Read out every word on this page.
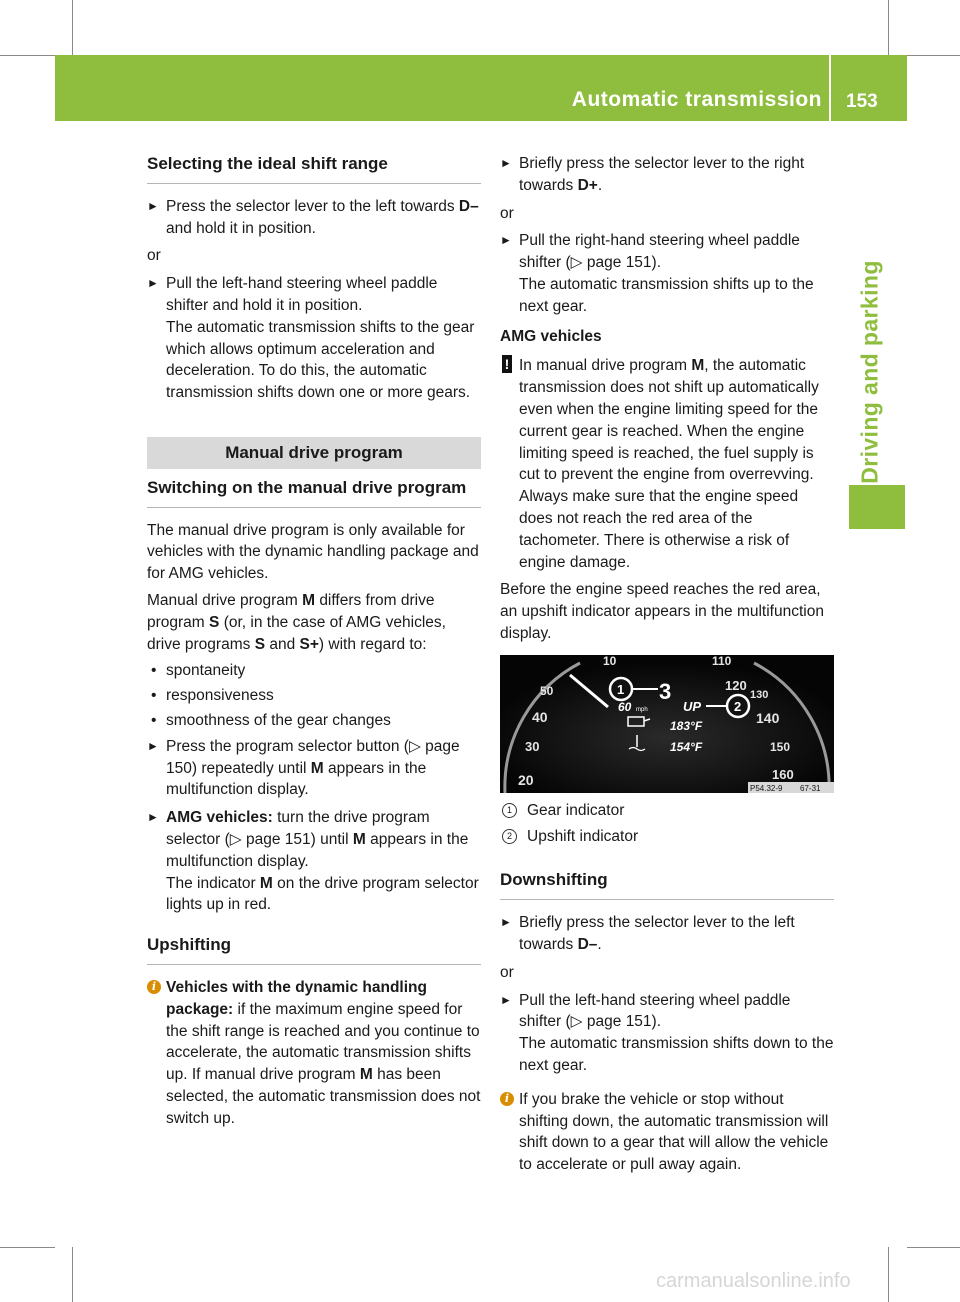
Automatic transmission 153
Driving and parking
Selecting the ideal shift range
► Press the selector lever to the left towards D– and hold it in position.

or

► Pull the left-hand steering wheel paddle shifter and hold it in position.
The automatic transmission shifts to the gear which allows optimum acceleration and deceleration. To do this, the automatic transmission shifts down one or more gears.
Manual drive program
Switching on the manual drive program

The manual drive program is only available for vehicles with the dynamic handling package and for AMG vehicles.

Manual drive program M differs from drive program S (or, in the case of AMG vehicles, drive programs S and S+) with regard to:

• spontaneity
• responsiveness
• smoothness of the gear changes
► Press the program selector button (▷ page 150) repeatedly until M appears in the multifunction display.
► AMG vehicles: turn the drive program selector (▷ page 151) until M appears in the multifunction display.
The indicator M on the drive program selector lights up in red.
Upshifting
i Vehicles with the dynamic handling package: if the maximum engine speed for the shift range is reached and you continue to accelerate, the automatic transmission shifts up. If manual drive program M has been selected, the automatic transmission does not switch up.
► Briefly press the selector lever to the right towards D+.

or

► Pull the right-hand steering wheel paddle shifter (▷ page 151).
The automatic transmission shifts up to the next gear.

AMG vehicles

! In manual drive program M, the automatic transmission does not shift up automatically even when the engine limiting speed for the current gear is reached. When the engine limiting speed is reached, the fuel supply is cut to prevent the engine from overrevving. Always make sure that the engine speed does not reach the red area of the tachometer. There is otherwise a risk of engine damage.

Before the engine speed reaches the red area, an upshift indicator appears in the multifunction display.

20
30
40
50
10	110
120
130
140
150
160
1 3
60 mph	UP	2
183°F
154°F
P54.32-9 67-31
1 Gear indicator
2 Upshift indicator
Downshifting
► Briefly press the selector lever to the left towards D–.

or

► Pull the left-hand steering wheel paddle shifter (▷ page 151).
The automatic transmission shifts down to the next gear.
i If you brake the vehicle or stop without shifting down, the automatic transmission will shift down to a gear that will allow the vehicle to accelerate or pull away again.
carmanualsonline.info
